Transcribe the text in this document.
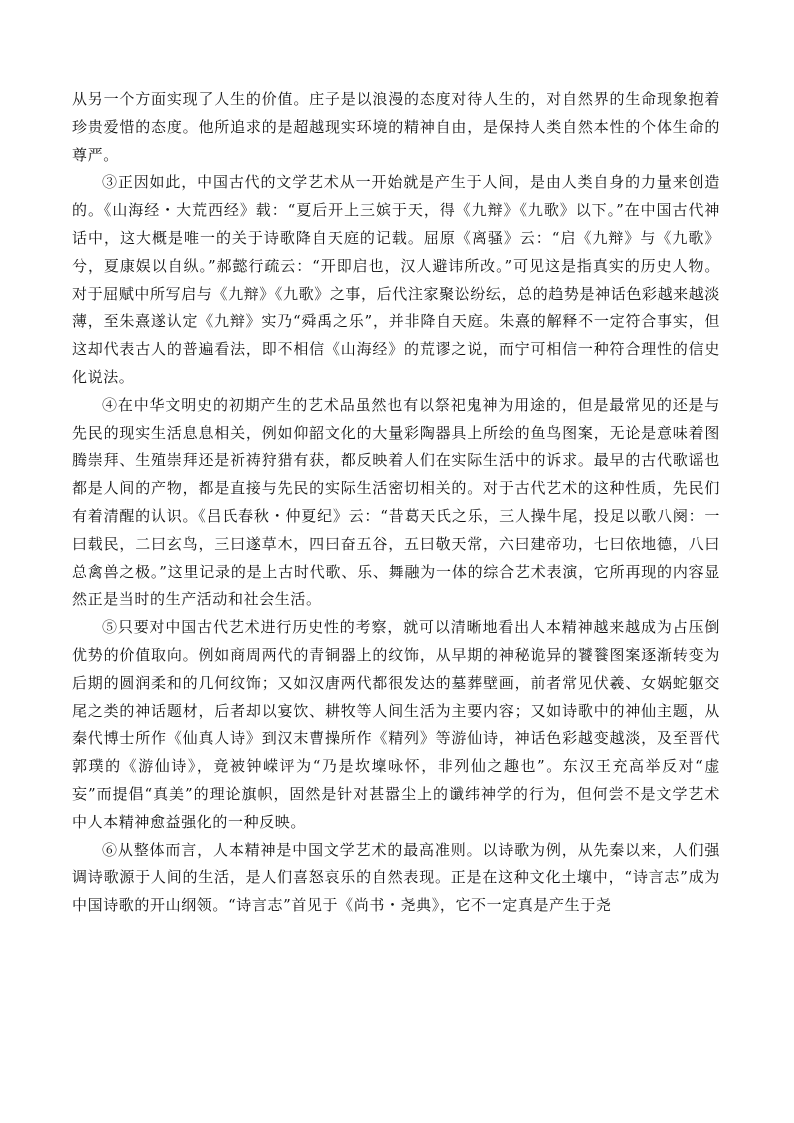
从另一个方面实现了人生的价值。庄子是以浪漫的态度对待人生的，对自然界的生命现象抱着珍贵爱惜的态度。他所追求的是超越现实环境的精神自由，是保持人类自然本性的个体生命的尊严。

③正因如此，中国古代的文学艺术从一开始就是产生于人间，是由人类自身的力量来创造的。《山海经・大荒西经》载：“夏后开上三嫔于天，得《九辩》《九歌》以下。”在中国古代神话中，这大概是唯一的关于诗歌降自天庭的记载。屈原《离骚》云：“启《九辩》与《九歌》兮，夏康娱以自纵。”郝懿行疏云：“开即启也，汉人避讳所改。”可见这是指真实的历史人物。对于屈赋中所写启与《九辩》《九歌》之事，后代注家聚讼纷纭，总的趋势是神话色彩越来越淡薄，至朱熹遂认定《九辩》实乃“舜禹之乐”，并非降自天庭。朱熹的解释不一定符合事实，但这却代表古人的普遍看法，即不相信《山海经》的荒谬之说，而宁可相信一种符合理性的信史化说法。

④在中华文明史的初期产生的艺术品虽然也有以祭祀鬼神为用途的，但是最常见的还是与先民的现实生活息息相关，例如仰韶文化的大量彩陶器具上所绘的鱼鸟图案，无论是意味着图腾崇拜、生殖崇拜还是祈祷狩猎有获，都反映着人们在实际生活中的诉求。最早的古代歌谣也都是人间的产物，都是直接与先民的实际生活密切相关的。对于古代艺术的这种性质，先民们有着清醒的认识。《吕氏春秋・仲夏纪》云：“昔葛天氏之乐，三人操牛尾，投足以歌八阕：一曰载民，二曰玄鸟，三曰遂草木，四曰奋五谷，五曰敬天常，六曰建帝功，七曰依地德，八曰总禽兽之极。”这里记录的是上古时代歌、乐、舞融为一体的综合艺术表演，它所再现的内容显然正是当时的生产活动和社会生活。

⑤只要对中国古代艺术进行历史性的考察，就可以清晰地看出人本精神越来越成为占压倒优势的价值取向。例如商周两代的青铜器上的纹饰，从早期的神秘诡异的饕餮图案逐渐转变为后期的圆润柔和的几何纹饰；又如汉唐两代都很发达的墓葬壁画，前者常见伏羲、女娲蛇躯交尾之类的神话题材，后者却以宴饮、耕牧等人间生活为主要内容；又如诗歌中的神仙主题，从秦代博士所作《仙真人诗》到汉末曹操所作《精列》等游仙诗，神话色彩越变越淡，及至晋代郭璞的《游仙诗》，竟被钟嵘评为“乃是坎壈咏怀，非列仙之趣也”。东汉王充高举反对“虚妄”而提倡“真美”的理论旗帜，固然是针对甚嚣尘上的谶纬神学的行为，但何尝不是文学艺术中人本精神愈益强化的一种反映。

⑥从整体而言，人本精神是中国文学艺术的最高准则。以诗歌为例，从先秦以来，人们强调诗歌源于人间的生活，是人们喜怒哀乐的自然表现。正是在这种文化土壤中，“诗言志”成为中国诗歌的开山纲领。“诗言志”首见于《尚书・尧典》，它不一定真是产生于尧
